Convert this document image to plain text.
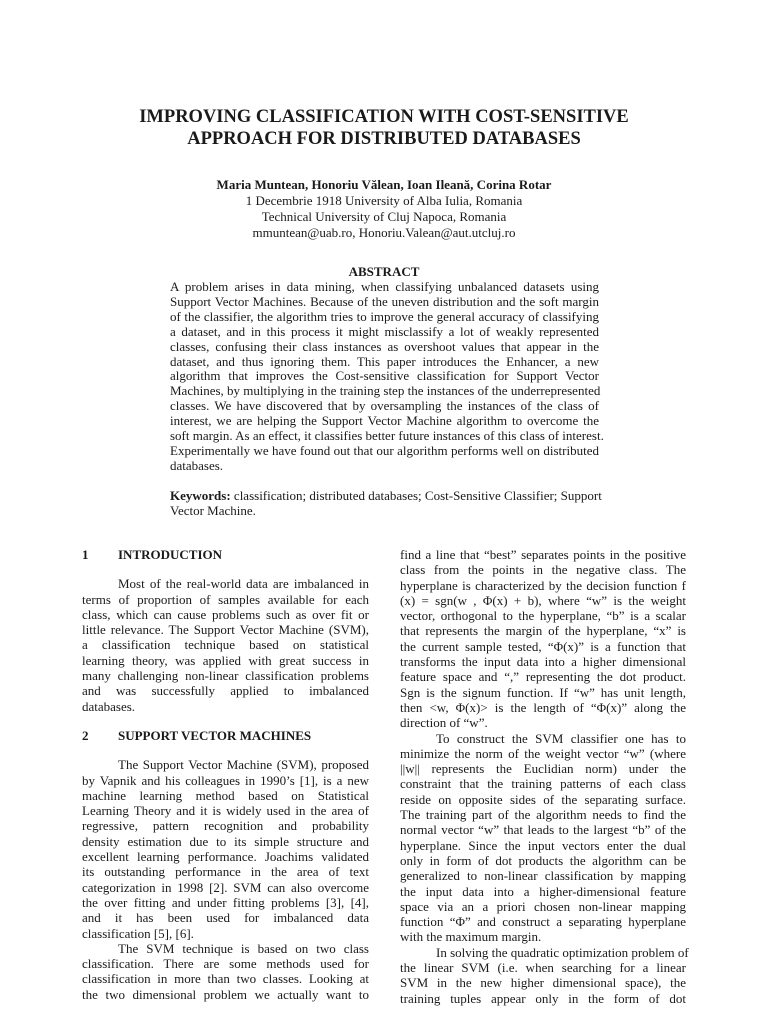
IMPROVING CLASSIFICATION WITH COST-SENSITIVE
APPROACH FOR DISTRIBUTED DATABASES
Maria Muntean, Honoriu Vălean, Ioan Ileană, Corina Rotar
1 Decembrie 1918 University of Alba Iulia, Romania
Technical University of Cluj Napoca, Romania
mmuntean@uab.ro, Honoriu.Valean@aut.utcluj.ro
ABSTRACT
A problem arises in data mining, when classifying unbalanced datasets using
Support Vector Machines. Because of the uneven distribution and the soft margin
of the classifier, the algorithm tries to improve the general accuracy of classifying
a dataset, and in this process it might misclassify a lot of weakly represented
classes, confusing their class instances as overshoot values that appear in the
dataset, and thus ignoring them. This paper introduces the Enhancer, a new
algorithm that improves the Cost-sensitive classification for Support Vector
Machines, by multiplying in the training step the instances of the underrepresented
classes. We have discovered that by oversampling the instances of the class of
interest, we are helping the Support Vector Machine algorithm to overcome the
soft margin. As an effect, it classifies better future instances of this class of interest.
Experimentally we have found out that our algorithm performs well on distributed
databases.
Keywords: classification; distributed databases; Cost-Sensitive Classifier; Support
Vector Machine.
1 INTRODUCTION
Most of the real-world data are imbalanced in
terms of proportion of samples available for each
class, which can cause problems such as over fit or
little relevance. The Support Vector Machine (SVM),
a classification technique based on statistical
learning theory, was applied with great success in
many challenging non-linear classification problems
and was successfully applied to imbalanced
databases.
2 SUPPORT VECTOR MACHINES
The Support Vector Machine (SVM), proposed
by Vapnik and his colleagues in 1990’s [1], is a new
machine learning method based on Statistical
Learning Theory and it is widely used in the area of
regressive, pattern recognition and probability
density estimation due to its simple structure and
excellent learning performance. Joachims validated
its outstanding performance in the area of text
categorization in 1998 [2]. SVM can also overcome
the over fitting and under fitting problems [3], [4],
and it has been used for imbalanced data
classification [5], [6].
The SVM technique is based on two class
classification. There are some methods used for
classification in more than two classes. Looking at
the two dimensional problem we actually want to
find a line that “best” separates points in the positive
class from the points in the negative class. The
hyperplane is characterized by the decision function f
(x) = sgn(w , Φ(x) + b), where “w” is the weight
vector, orthogonal to the hyperplane, “b” is a scalar
that represents the margin of the hyperplane, “x” is
the current sample tested, “Φ(x)” is a function that
transforms the input data into a higher dimensional
feature space and “,” representing the dot product.
Sgn is the signum function. If “w” has unit length,
then <w, Φ(x)> is the length of “Φ(x)” along the
direction of “w”.
To construct the SVM classifier one has to
minimize the norm of the weight vector “w” (where
||w|| represents the Euclidian norm) under the
constraint that the training patterns of each class
reside on opposite sides of the separating surface.
The training part of the algorithm needs to find the
normal vector “w” that leads to the largest “b” of the
hyperplane. Since the input vectors enter the dual
only in form of dot products the algorithm can be
generalized to non-linear classification by mapping
the input data into a higher-dimensional feature
space via an a priori chosen non-linear mapping
function “Φ” and construct a separating hyperplane
with the maximum margin.
In solving the quadratic optimization problem of
the linear SVM (i.e. when searching for a linear
SVM in the new higher dimensional space), the
training tuples appear only in the form of dot
